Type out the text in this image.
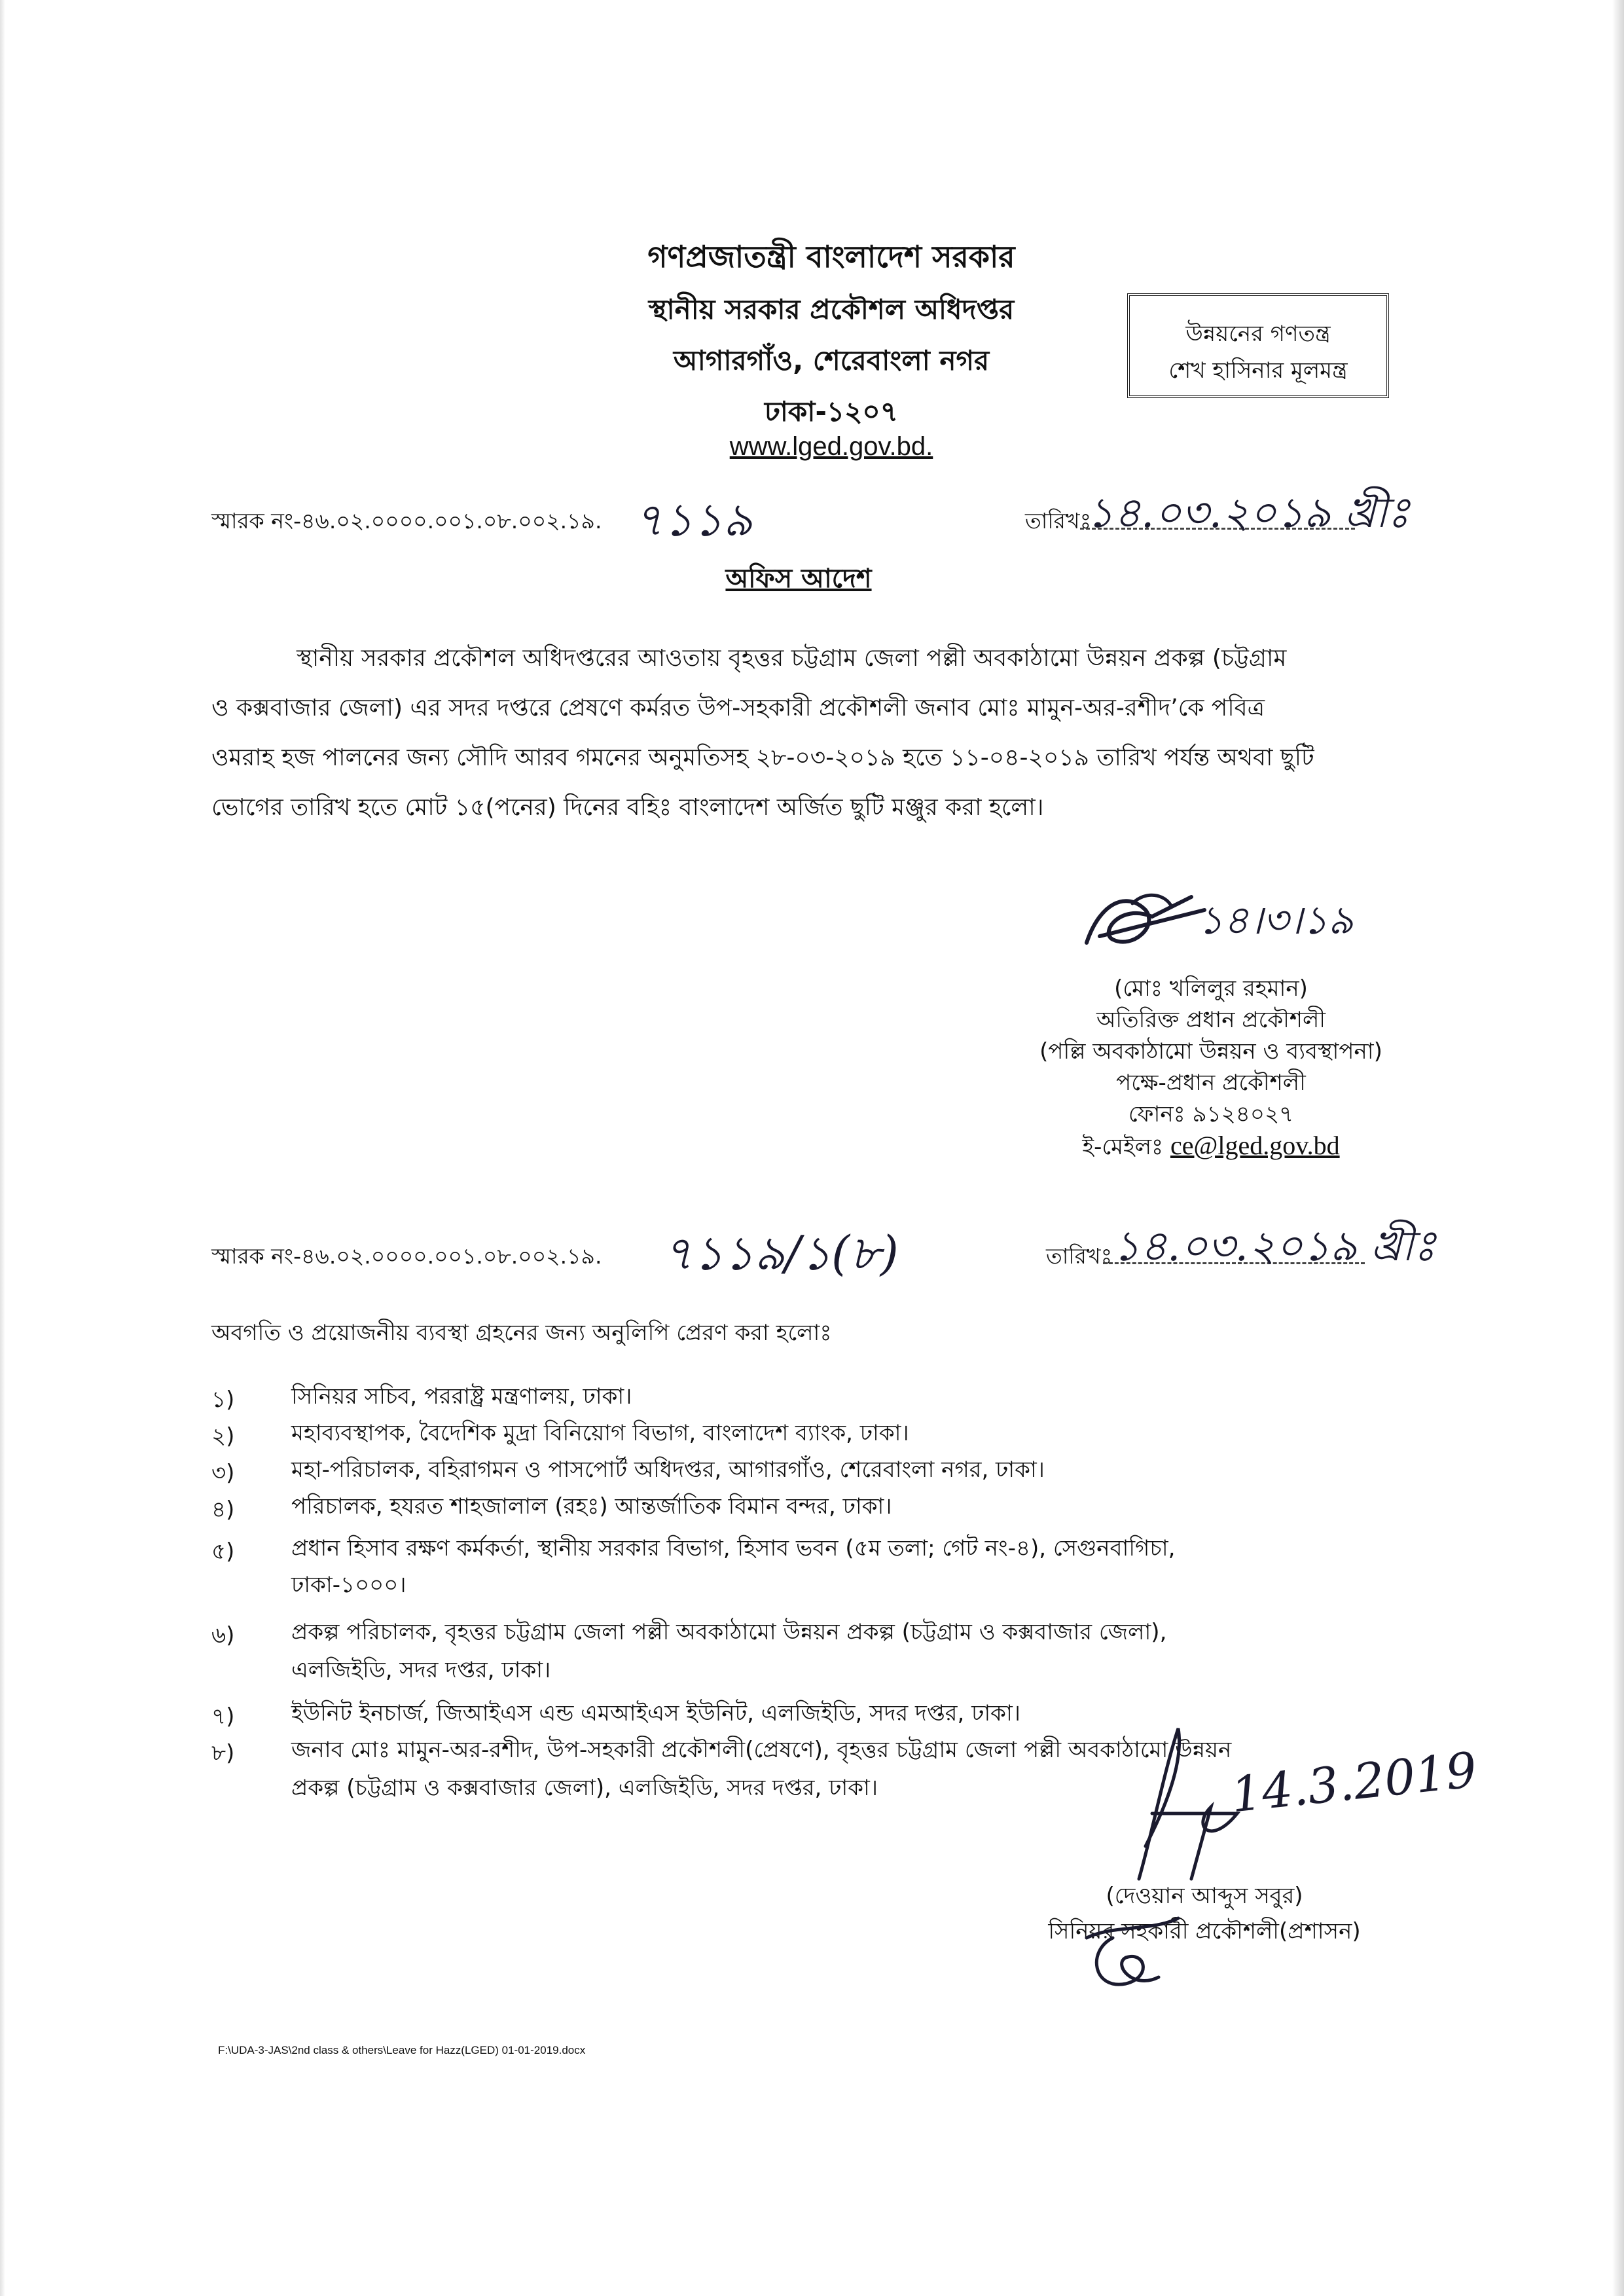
গণপ্রজাতন্ত্রী বাংলাদেশ সরকার
স্থানীয় সরকার প্রকৌশল অধিদপ্তর
আগারগাঁও, শেরেবাংলা নগর
ঢাকা-১২০৭
www.lged.gov.bd.
উন্নয়নের গণতন্ত্র
শেখ হাসিনার মূলমন্ত্র
স্মারক নং-৪৬.০২.০০০০.০০১.০৮.০০২.১৯. ৭১১৯	তারিখঃ
১৪.০৩.২০১৯ খ্রীঃ
অফিস আদেশ
স্থানীয় সরকার প্রকৌশল অধিদপ্তরের আওতায় বৃহত্তর চট্টগ্রাম জেলা পল্লী অবকাঠামো উন্নয়ন প্রকল্প (চট্টগ্রাম
ও কক্সবাজার জেলা) এর সদর দপ্তরে প্রেষণে কর্মরত উপ-সহকারী প্রকৌশলী জনাব মোঃ মামুন-অর-রশীদ’কে পবিত্র
ওমরাহ হজ পালনের জন্য সৌদি আরব গমনের অনুমতিসহ ২৮-০৩-২০১৯ হতে ১১-০৪-২০১৯ তারিখ পর্যন্ত অথবা ছুটি
ভোগের তারিখ হতে মোট ১৫(পনের) দিনের বহিঃ বাংলাদেশ অর্জিত ছুটি মঞ্জুর করা হলো।
১৪।৩।১৯
(মোঃ খলিলুর রহমান)
অতিরিক্ত প্রধান প্রকৌশলী
(পল্লি অবকাঠামো উন্নয়ন ও ব্যবস্থাপনা)
পক্ষে-প্রধান প্রকৌশলী
ফোনঃ ৯১২৪০২৭
ই-মেইলঃ ce@lged.gov.bd
স্মারক নং-৪৬.০২.০০০০.০০১.০৮.০০২.১৯. ৭১১৯/১(৮)	তারিখঃ ১৪.০৩.২০১৯ খ্রীঃ
অবগতি ও প্রয়োজনীয় ব্যবস্থা গ্রহনের জন্য অনুলিপি প্রেরণ করা হলোঃ
১)	সিনিয়র সচিব, পররাষ্ট্র মন্ত্রণালয়, ঢাকা।
২)	মহাব্যবস্থাপক, বৈদেশিক মুদ্রা বিনিয়োগ বিভাগ, বাংলাদেশ ব্যাংক, ঢাকা।
৩)	মহা-পরিচালক, বহিরাগমন ও পাসপোর্ট অধিদপ্তর, আগারগাঁও, শেরেবাংলা নগর, ঢাকা।
৪)	পরিচালক, হযরত শাহজালাল (রহঃ) আন্তর্জাতিক বিমান বন্দর, ঢাকা।
৫)	প্রধান হিসাব রক্ষণ কর্মকর্তা, স্থানীয় সরকার বিভাগ, হিসাব ভবন (৫ম তলা; গেট নং-৪), সেগুনবাগিচা,
ঢাকা-১০০০।
৬)	প্রকল্প পরিচালক, বৃহত্তর চট্টগ্রাম জেলা পল্লী অবকাঠামো উন্নয়ন প্রকল্প (চট্টগ্রাম ও কক্সবাজার জেলা),
এলজিইডি, সদর দপ্তর, ঢাকা।
৭)	ইউনিট ইনচার্জ, জিআইএস এন্ড এমআইএস ইউনিট, এলজিইডি, সদর দপ্তর, ঢাকা।
৮)	জনাব মোঃ মামুন-অর-রশীদ, উপ-সহকারী প্রকৌশলী(প্রেষণে), বৃহত্তর চট্টগ্রাম জেলা পল্লী অবকাঠামো উন্নয়ন
প্রকল্প (চট্টগ্রাম ও কক্সবাজার জেলা), এলজিইডি, সদর দপ্তর, ঢাকা।	14.3.2019
(দেওয়ান আব্দুস সবুর)
সিনিয়র সহকারী প্রকৌশলী(প্রশাসন)
F:\UDA-3-JAS\2nd class & others\Leave for Hazz(LGED) 01-01-2019.docx
